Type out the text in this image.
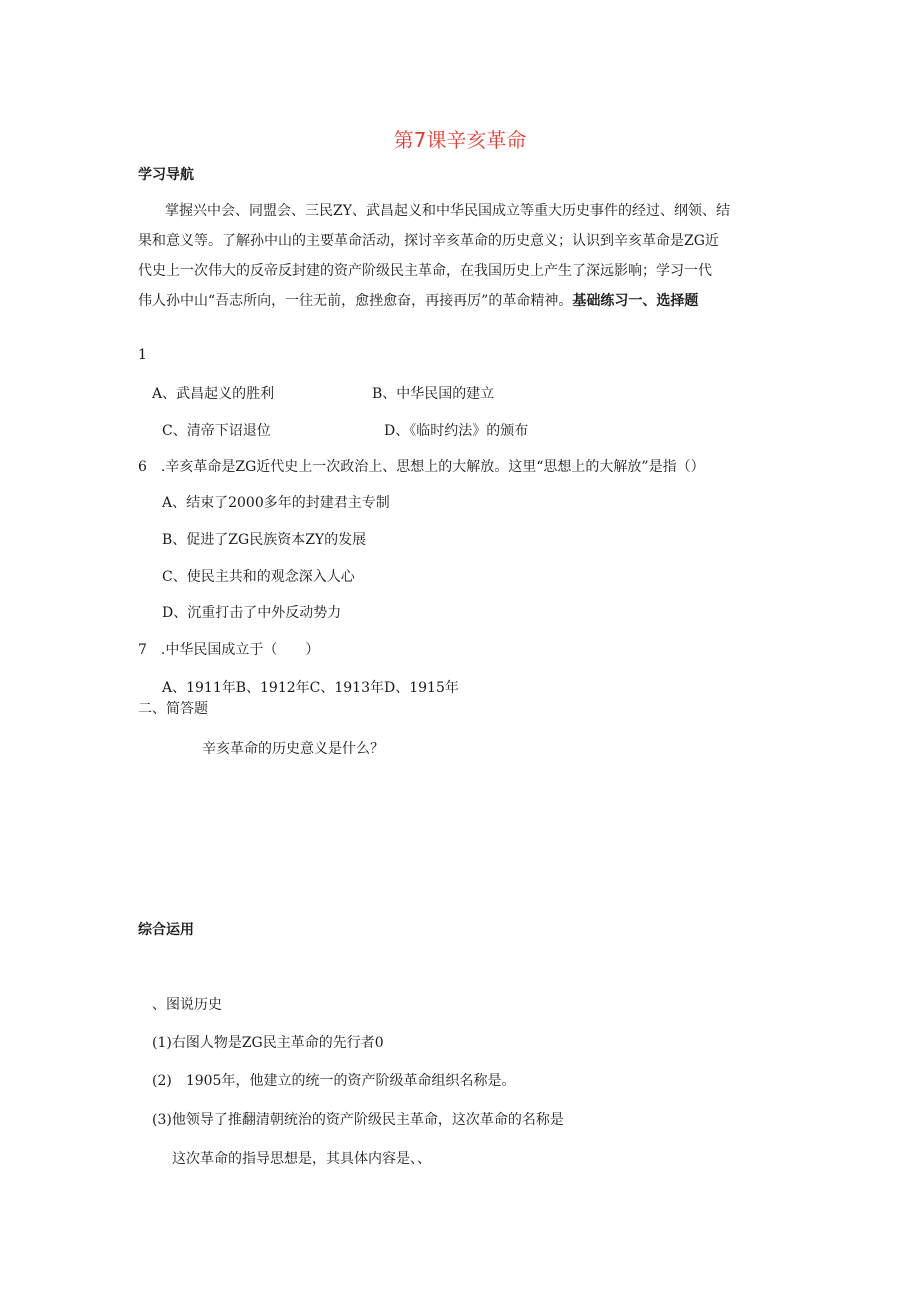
第7课辛亥革命
学习导航
掌握兴中会、同盟会、三民ZY、武昌起义和中华民国成立等重大历史事件的经过、纲领、结
果和意义等。了解孙中山的主要革命活动，探讨辛亥革命的历史意义；认识到辛亥革命是ZG近
代史上一次伟大的反帝反封建的资产阶级民主革命，在我国历史上产生了深远影响；学习一代
伟人孙中山“吾志所向，一往无前，愈挫愈奋，再接再厉”的革命精神。基础练习一、选择题
1
A、武昌起义的胜利	B、中华民国的建立
C、清帝下诏退位	D、《临时约法》的颁布
6　.辛亥革命是ZG近代史上一次政治上、思想上的大解放。这里“思想上的大解放”是指（）
A、结束了2000多年的封建君主专制
B、促进了ZG民族资本ZY的发展
C、使民主共和的观念深入人心
D、沉重打击了中外反动势力
7　.中华民国成立于（　　）
A、1911年B、1912年C、1913年D、1915年
二、简答题
辛亥革命的历史意义是什么？
综合运用
、图说历史
(1)右图人物是ZG民主革命的先行者0
(2)　1905年，他建立的统一的资产阶级革命组织名称是。
(3)他领导了推翻清朝统治的资产阶级民主革命，这次革命的名称是
这次革命的指导思想是，其具体内容是、、
